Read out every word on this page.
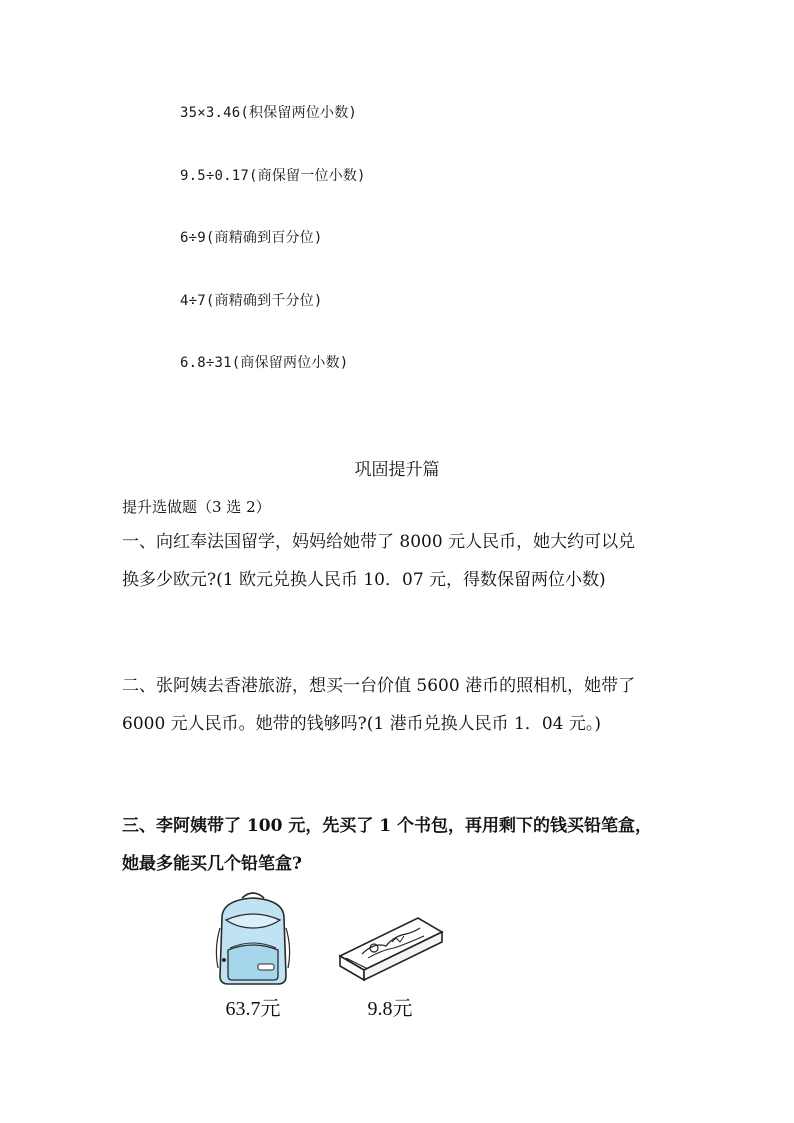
35×3.46(积保留两位小数)
9.5÷0.17(商保留一位小数)
6÷9(商精确到百分位)
4÷7(商精确到千分位)
6.8÷31(商保留两位小数)
巩固提升篇
提升选做题（3 选 2）
一、向红奉法国留学，妈妈给她带了 8000 元人民币，她大约可以兑
换多少欧元?(1 欧元兑换人民币 10．07 元，得数保留两位小数)
二、张阿姨去香港旅游，想买一台价值 5600 港币的照相机，她带了
6000 元人民币。她带的钱够吗?(1 港币兑换人民币 1．04 元。)
三、李阿姨带了 100 元，先买了 1 个书包，再用剩下的钱买铅笔盒，
她最多能买几个铅笔盒?
63.7元	9.8元
